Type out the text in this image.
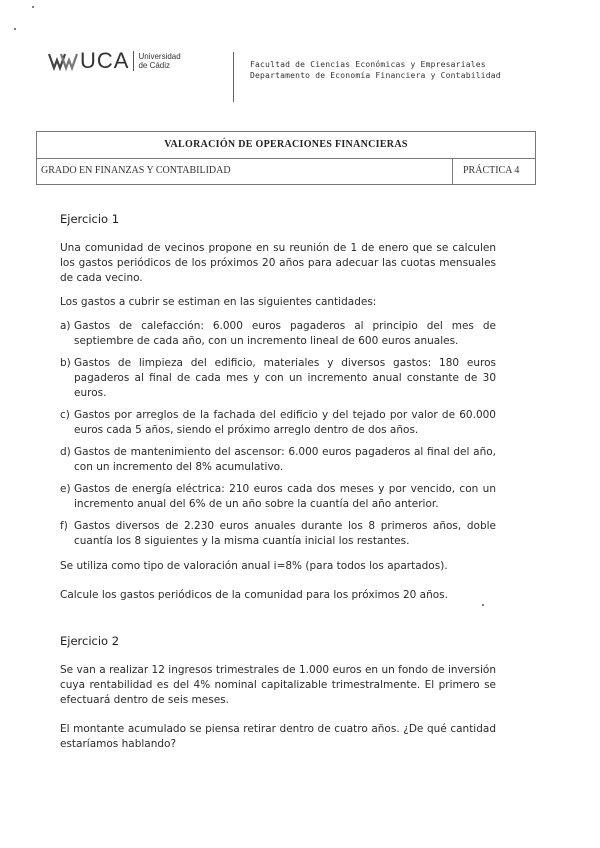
UCA Universidad
de Cádiz	Facultad de Ciencias Económicas y Empresariales
Departamento de Economía Financiera y Contabilidad
VALORACIÓN DE OPERACIONES FINANCIERAS
GRADO EN FINANZAS Y CONTABILIDAD	PRÁCTICA 4
Ejercicio 1

Una comunidad de vecinos propone en su reunión de 1 de enero que se calculen los gastos periódicos de los próximos 20 años para adecuar las cuotas mensuales de cada vecino.

Los gastos a cubrir se estiman en las siguientes cantidades:

a) Gastos de calefacción: 6.000 euros pagaderos al principio del mes de septiembre de cada año, con un incremento lineal de 600 euros anuales.
b) Gastos de limpieza del edificio, materiales y diversos gastos: 180 euros pagaderos al final de cada mes y con un incremento anual constante de 30 euros.
c) Gastos por arreglos de la fachada del edificio y del tejado por valor de 60.000 euros cada 5 años, siendo el próximo arreglo dentro de dos años.
d) Gastos de mantenimiento del ascensor: 6.000 euros pagaderos al final del año, con un incremento del 8% acumulativo.
e) Gastos de energía eléctrica: 210 euros cada dos meses y por vencido, con un incremento anual del 6% de un año sobre la cuantía del año anterior.
f) Gastos diversos de 2.230 euros anuales durante los 8 primeros años, doble cuantía los 8 siguientes y la misma cuantía inicial los restantes.

Se utiliza como tipo de valoración anual i=8% (para todos los apartados).

Calcule los gastos periódicos de la comunidad para los próximos 20 años.

Ejercicio 2

Se van a realizar 12 ingresos trimestrales de 1.000 euros en un fondo de inversión cuya rentabilidad es del 4% nominal capitalizable trimestralmente. El primero se efectuará dentro de seis meses.

El montante acumulado se piensa retirar dentro de cuatro años. ¿De qué cantidad estaríamos hablando?
